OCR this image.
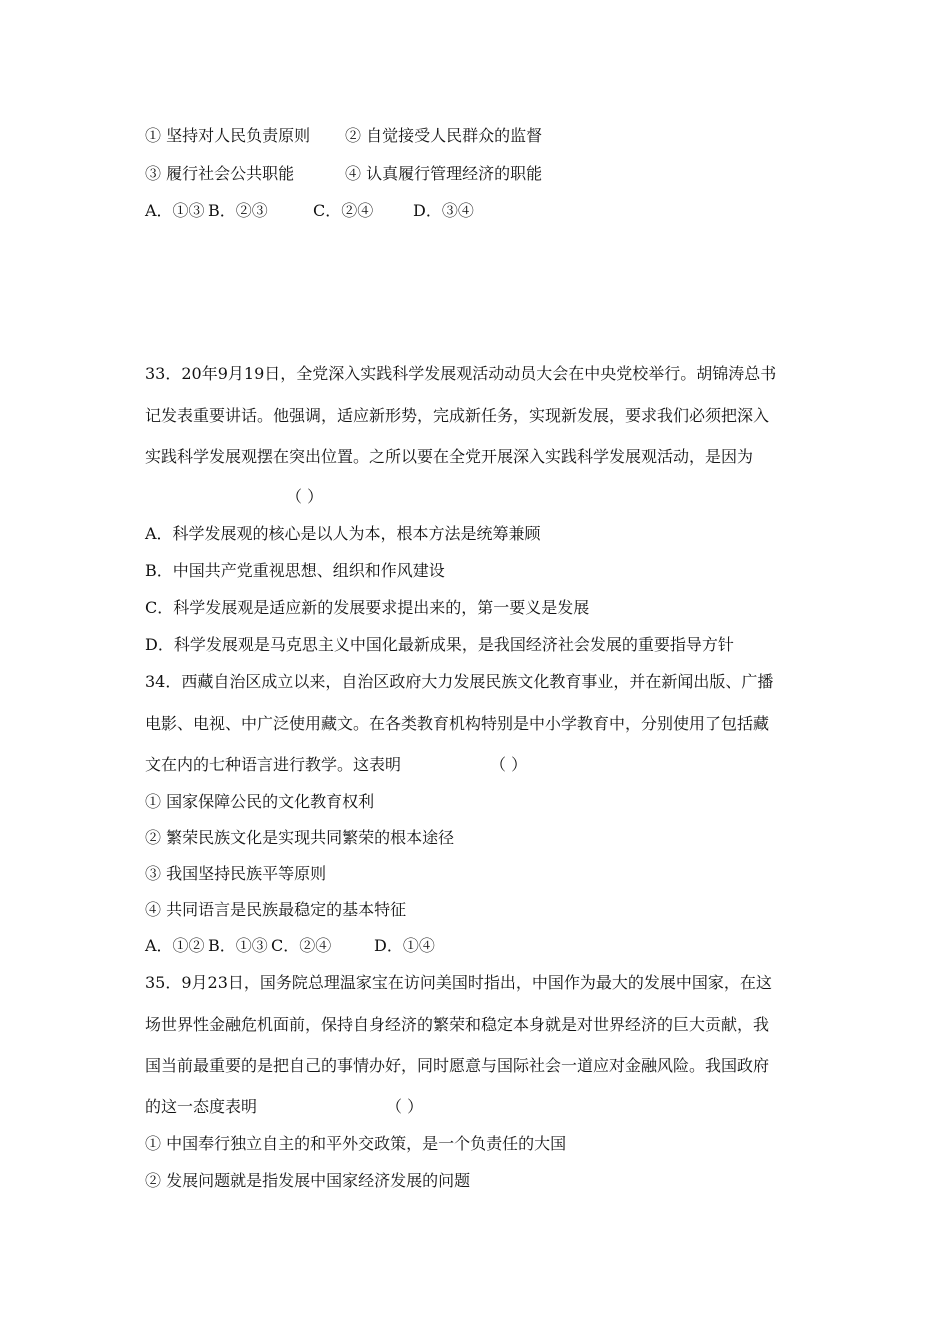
① 坚持对人民负责原则 ② 自觉接受人民群众的监督
③ 履行社会公共职能	④ 认真履行管理经济的职能
A．①③ B．②③	C．②④ D．③④
33．20年9月19日，全党深入实践科学发展观活动动员大会在中央党校举行。胡锦涛总书
记发表重要讲话。他强调，适应新形势，完成新任务，实现新发展，要求我们必须把深入
实践科学发展观摆在突出位置。之所以要在全党开展深入实践科学发展观活动，是因为
（ ）
A．科学发展观的核心是以人为本，根本方法是统筹兼顾
B．中国共产党重视思想、组织和作风建设
C．科学发展观是适应新的发展要求提出来的，第一要义是发展
D．科学发展观是马克思主义中国化最新成果，是我国经济社会发展的重要指导方针
34．西藏自治区成立以来，自治区政府大力发展民族文化教育事业，并在新闻出版、广播
电影、电视、中广泛使用藏文。在各类教育机构特别是中小学教育中，分别使用了包括藏
文在内的七种语言进行教学。这表明	（ ）
① 国家保障公民的文化教育权利
② 繁荣民族文化是实现共同繁荣的根本途径
③ 我国坚持民族平等原则
④ 共同语言是民族最稳定的基本特征
A．①② B．①③ C．②④	D．①④
35．9月23日，国务院总理温家宝在访问美国时指出，中国作为最大的发展中国家，在这
场世界性金融危机面前，保持自身经济的繁荣和稳定本身就是对世界经济的巨大贡献，我
国当前最重要的是把自己的事情办好，同时愿意与国际社会一道应对金融风险。我国政府
的这一态度表明	（ ）
① 中国奉行独立自主的和平外交政策，是一个负责任的大国
② 发展问题就是指发展中国家经济发展的问题
